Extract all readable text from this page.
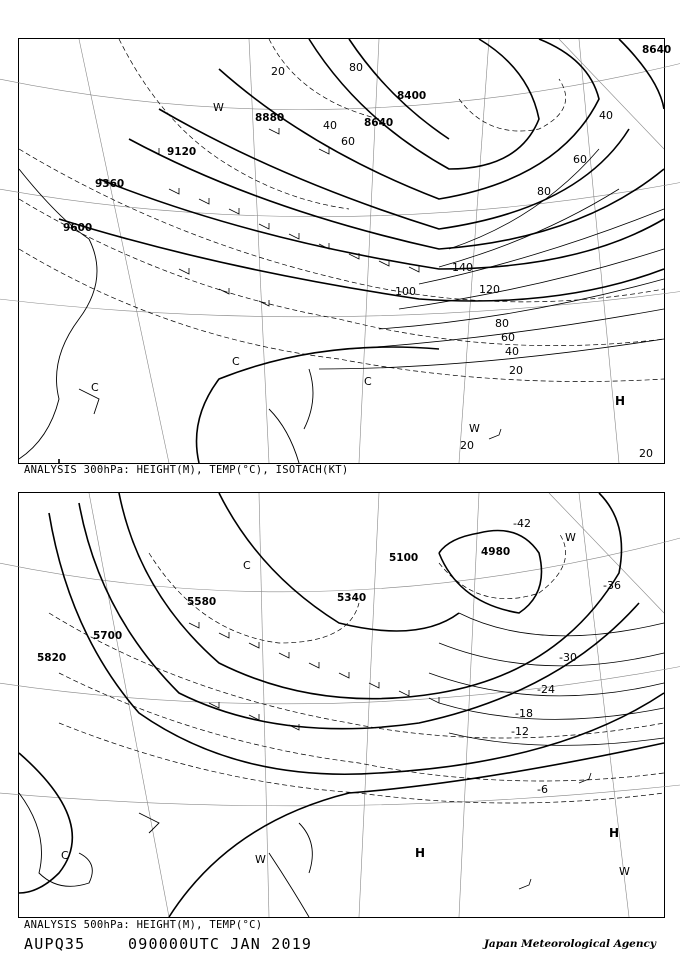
8640
8400
8640
8880
9120
9360
9600
20
40
60
80
100	120
140
20
40
60
80
40
60
80
20
20
H
W
W
C
C
C
ANALYSIS 300hPa: HEIGHT(M), TEMP(°C), ISOTACH(KT)
5100	4980
5340
5580
5700
5820
-36
-30
-24
-18
-12
-6
-42
H
H
W
W
W
C
C
ANALYSIS 500hPa: HEIGHT(M), TEMP(°C)
AUPQ35	090000UTC JAN 2019	Japan Meteorological Agency
